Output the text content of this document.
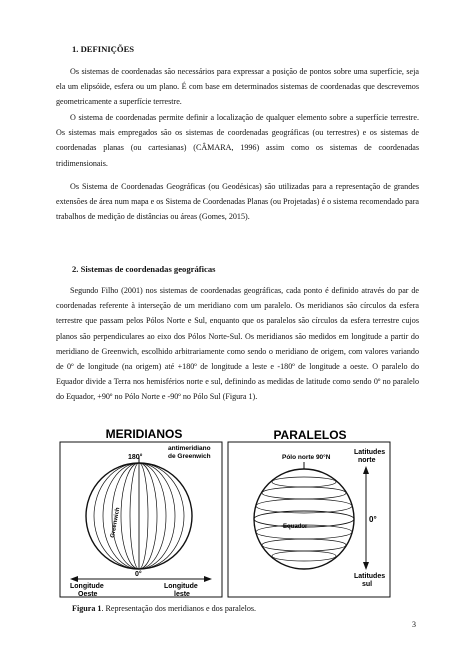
1. DEFINIÇÕES

Os sistemas de coordenadas são necessários para expressar a posição de pontos sobre uma superfície, seja ela um elipsóide, esfera ou um plano. É com base em determinados sistemas de coordenadas que descrevemos geometricamente a superfície terrestre.

O sistema de coordenadas permite definir a localização de qualquer elemento sobre a superfície terrestre. Os sistemas mais empregados são os sistemas de coordenadas geográficas (ou terrestres) e os sistemas de coordenadas planas (ou cartesianas) (CÂMARA, 1996) assim como os sistemas de coordenadas tridimensionais.

Os Sistema de Coordenadas Geográficas (ou Geodésicas) são utilizadas para a representação de grandes extensões de área num mapa e os Sistema de Coordenadas Planas (ou Projetadas) é o sistema recomendado para trabalhos de medição de distâncias ou áreas (Gomes, 2015).

2. Sistemas de coordenadas geográficas

Segundo Filho (2001) nos sistemas de coordenadas geográficas, cada ponto é definido através do par de coordenadas referente à interseção de um meridiano com um paralelo. Os meridianos são círculos da esfera terrestre que passam pelos Pólos Norte e Sul, enquanto que os paralelos são círculos da esfera terrestre cujos planos são perpendiculares ao eixo dos Pólos Norte-Sul. Os meridianos são medidos em longitude a partir do meridiano de Greenwich, escolhido arbitrariamente como sendo o meridiano de origem, com valores variando de 0º de longitude (na origem) até +180º de longitude a leste e -180º de longitude a oeste. O paralelo do Equador divide a Terra nos hemisférios norte e sul, definindo as medidas de latitude como sendo 0º no paralelo do Equador, +90º no Pólo Norte e -90º no Pólo Sul (Figura 1).

MERIDIANOS	PARALELOS
180°
antimeridiano de Greenwich
Greenwich
0°
Longitude Oeste
Longitude leste
Pólo norte 90°N
Equador
Latitudes norte
0°
Latitudes sul
Figura 1. Representação dos meridianos e dos paralelos.
3
